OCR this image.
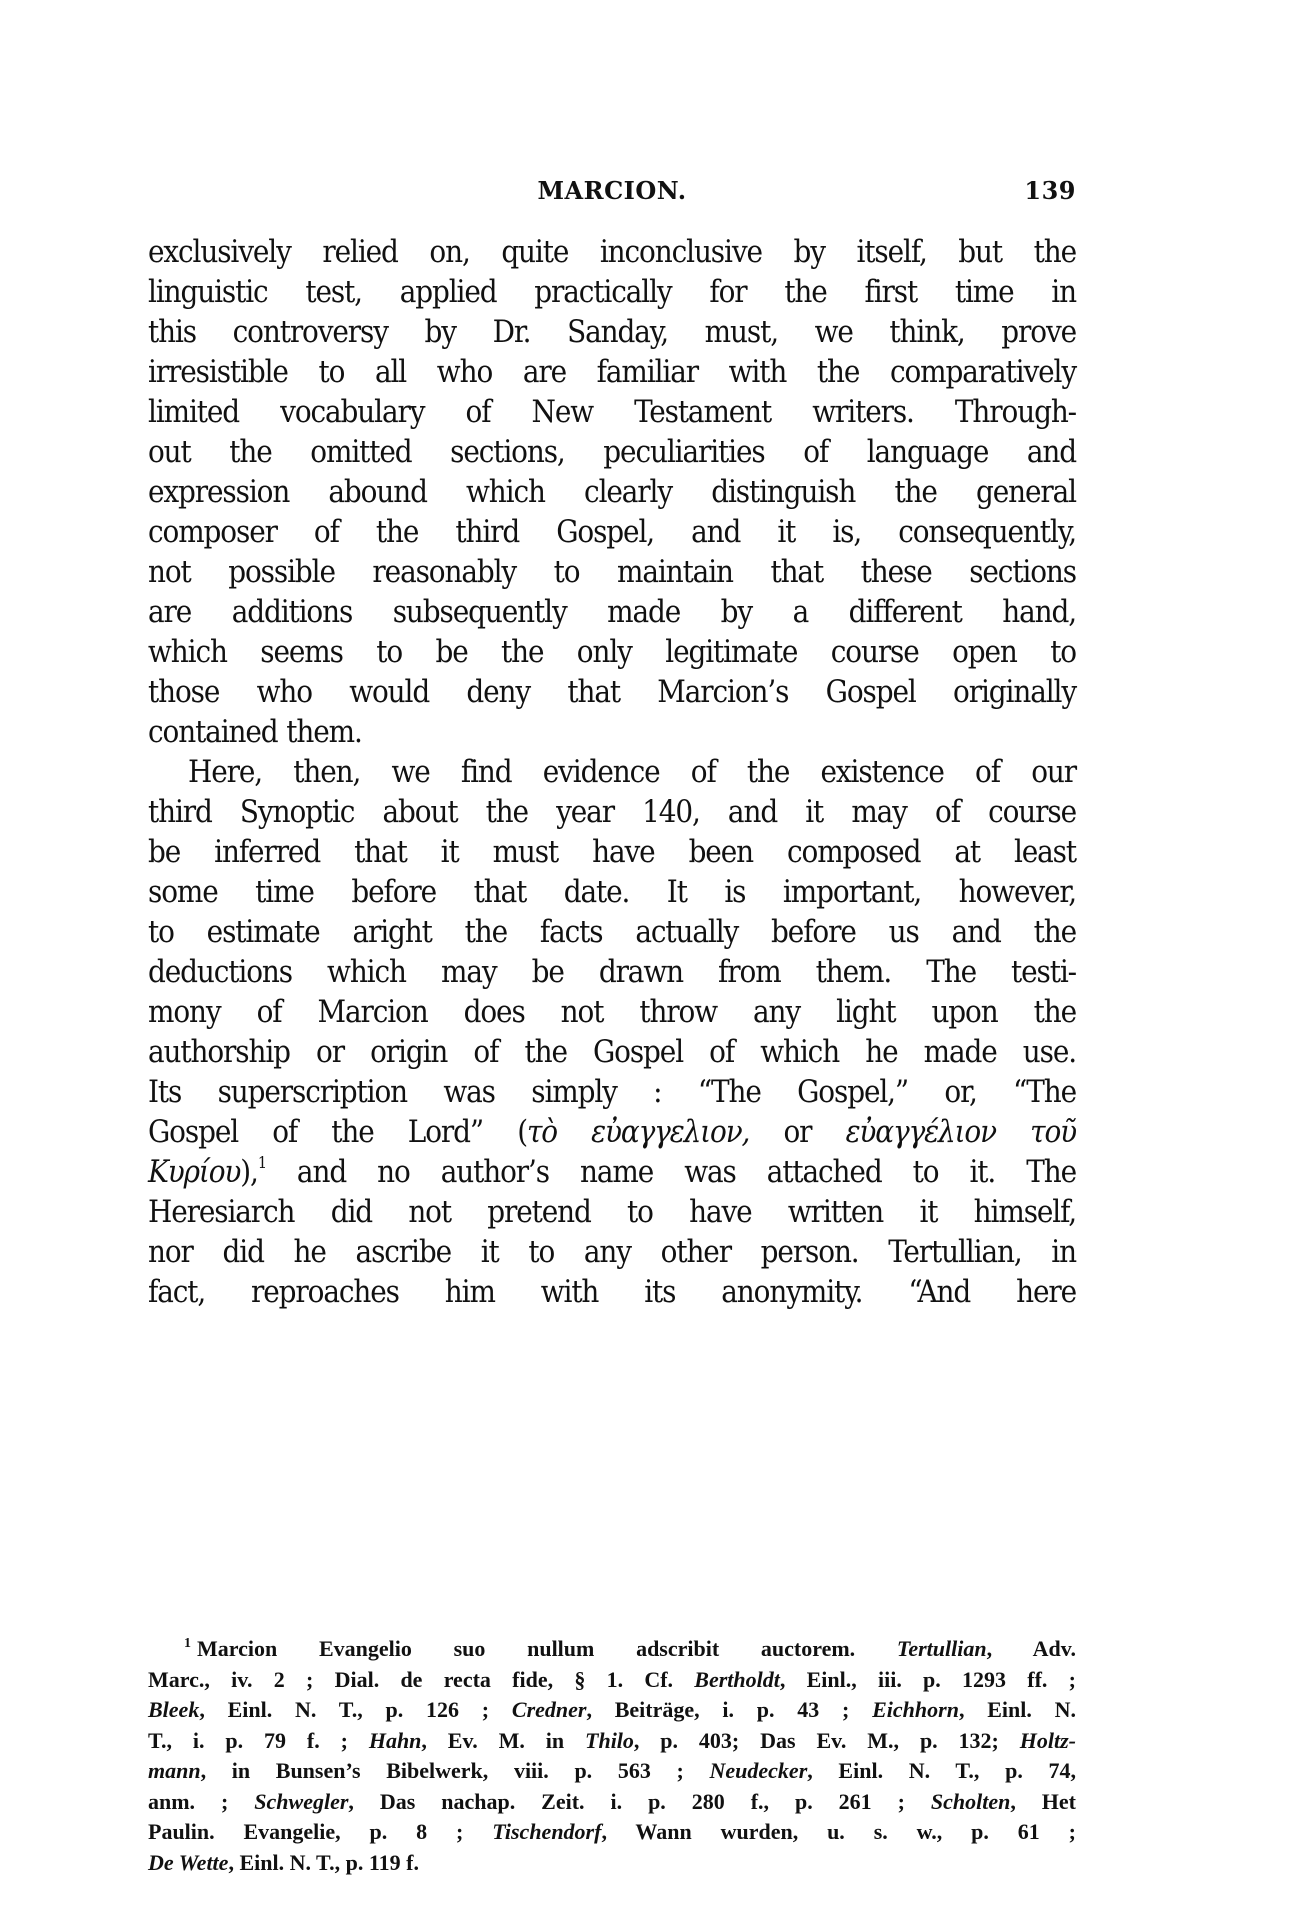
MARCION.	139
exclusively relied on, quite inconclusive by itself, but the
linguistic test, applied practically for the first time in
this controversy by Dr. Sanday, must, we think, prove
irresistible to all who are familiar with the comparatively
limited vocabulary of New Testament writers. Through-
out the omitted sections, peculiarities of language and
expression abound which clearly distinguish the general
composer of the third Gospel, and it is, consequently,
not possible reasonably to maintain that these sections
are additions subsequently made by a different hand,
which seems to be the only legitimate course open to
those who would deny that Marcion’s Gospel originally
contained them.
Here, then, we find evidence of the existence of our
third Synoptic about the year 140, and it may of course
be inferred that it must have been composed at least
some time before that date. It is important, however,
to estimate aright the facts actually before us and the
deductions which may be drawn from them. The testi-
mony of Marcion does not throw any light upon the
authorship or origin of the Gospel of which he made use.
Its superscription was simply : “The Gospel,” or, “The
Gospel of the Lord” (τὸ εὐαγγελιον, or εὐαγγέλιον τοῦ
Κυρίου),$^1$ and no author’s name was attached to it. The
Heresiarch did not pretend to have written it himself,
nor did he ascribe it to any other person. Tertullian, in
fact, reproaches him with its anonymity. “And here
$^1$ Marcion Evangelio suo nullum adscribit auctorem. Tertullian, Adv.
Marc., iv. 2 ; Dial. de recta fide, § 1. Cf. Bertholdt, Einl., iii. p. 1293 ff. ;
Bleek, Einl. N. T., p. 126 ; Credner, Beiträge, i. p. 43 ; Eichhorn, Einl. N.
T., i. p. 79 f. ; Hahn, Ev. M. in Thilo, p. 403; Das Ev. M., p. 132; Holtz-
mann, in Bunsen’s Bibelwerk, viii. p. 563 ; Neudecker, Einl. N. T., p. 74,
anm. ; Schwegler, Das nachap. Zeit. i. p. 280 f., p. 261 ; Scholten, Het
Paulin. Evangelie, p. 8 ; Tischendorf, Wann wurden, u. s. w., p. 61 ;
De Wette, Einl. N. T., p. 119 f.
